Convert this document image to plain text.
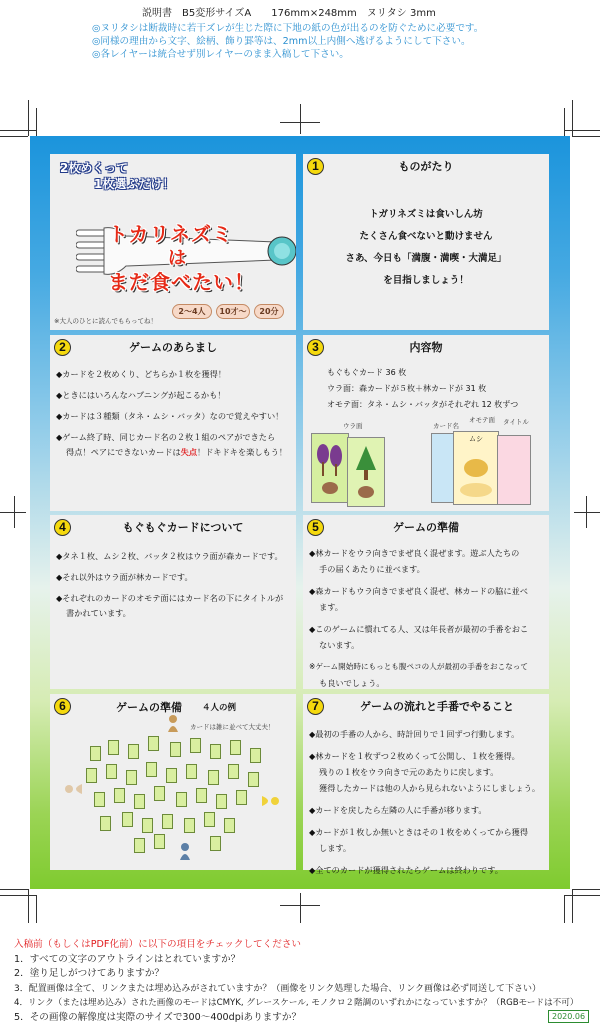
説明書　B5変形サイズA　　176mm×248mm　ヌリタシ 3mm
◎ヌリタシは断裁時に若干ズレが生じた際に下地の紙の色が出るのを防ぐために必要です。
◎同様の理由から文字、絵柄、飾り罫等は、2mm以上内側へ逃げるようにして下さい。
◎各レイヤーは統合せず別レイヤーのまま入稿して下さい。
2枚めくって
1枚選ぶだけ！
トカリネズミ
は
まだ食べたい！
2〜4人	10才〜	20分
※大人のひとに読んでもらってね！
1	ものがたり
トガリネズミは食いしん坊
たくさん食べないと動けません
さあ、今日も「満腹・満喫・大満足」
を目指しましょう！
2	ゲームのあらまし

◆カードを２枚めくり、どちらか１枚を獲得！

◆ときにはいろんなハプニングが起こるかも！

◆カードは３種類（タネ・ムシ・バッタ）なので覚えやすい！

◆ゲーム終了時、同じカード名の２枚１組のペアができたら

得点！ペアにできないカードは失点！ドキドキを楽しもう！

3	内容物

もぐもぐカード 36 枚

ウラ面：森カードが５枚＋林カードが 31 枚

オモテ面：タネ・ムシ・バッタがそれぞれ 12 枚ずつ

ウラ面	カード名
オモテ面 タイトル
ムシ
4	もぐもぐカードについて

◆タネ１枚、ムシ２枚、バッタ２枚はウラ面が森カードです。

◆それ以外はウラ面が林カードです。

◆それぞれのカードのオモテ面にはカード名の下にタイトルが

書かれています。

5	ゲームの準備

◆林カードをウラ向きでまぜ良く混ぜます。遊ぶ人たちの

手の届くあたりに並べます。

◆森カードもウラ向きでまぜ良く混ぜ、林カードの脇に並べ

ます。

◆このゲームに慣れてる人、又は年長者が最初の手番をおこ

ないます。

※ゲーム開始時にもっとも腹ペコの人が最初の手番をおこなって

も良いでしょう。

6	ゲームの準備 ４人の例
カードは雑に並べて大丈夫！
7	ゲームの流れと手番でやること

◆最初の手番の人から、時計回りで１回ずつ行動します。

◆林カードを１枚ずつ２枚めくって公開し、１枚を獲得。

残りの１枚をウラ向きで元のあたりに戻します。

獲得したカードは他の人から見られないようにしましょう。

◆カードを戻したら左隣の人に手番が移ります。

◆カードが１枚しか無いときはその１枚をめくってから獲得

します。

◆全てのカードが獲得されたらゲームは終わりです。

入稿前（もしくはPDF化前）に以下の項目をチェックしてください
1．すべての文字のアウトラインはとれていますか？
2．塗り足しがつけてありますか？
3．配置画像は全て、リンクまたは埋め込みがされていますか？（画像をリンク処理した場合、リンク画像は必ず同送して下さい）
4．リンク（または埋め込み）された画像のモードはCMYK, グレースケール, モノクロ２階調のいずれかになっていますか？（RGBモードは不可）
5．その画像の解像度は実際のサイズで300〜400dpiありますか？	2020.06
